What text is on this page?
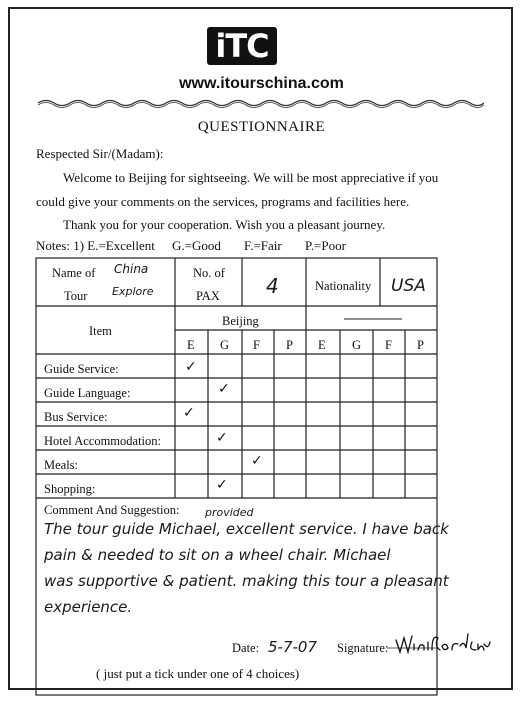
iTC
www.itourschina.com
QUESTIONNAIRE
Respected Sir/(Madam):
Welcome to Beijing for sightseeing. We will be most appreciative if you
could give your comments on the services, programs and facilities here.
Thank you for your cooperation. Wish you a pleasant journey.
Notes: 1) E.=Excellent G.=Good F.=Fair P.=Poor
Name of
Tour
China
Explore
No. of
PAX 4	Nationality USA
Item
Beijing
E G F P E G F P
Guide Service:
Guide Language:
Bus Service:
Hotel Accommodation:
Meals:
Shopping:
✓
✓
✓
✓
✓
✓
Comment And Suggestion: provided
The tour guide Michael, excellent service. I have back
pain & needed to sit on a wheel chair. Michael
was supportive & patient. making this tour a pleasant
experience.
Date: 5-7-07 Signature:
( just put a tick under one of 4 choices)
